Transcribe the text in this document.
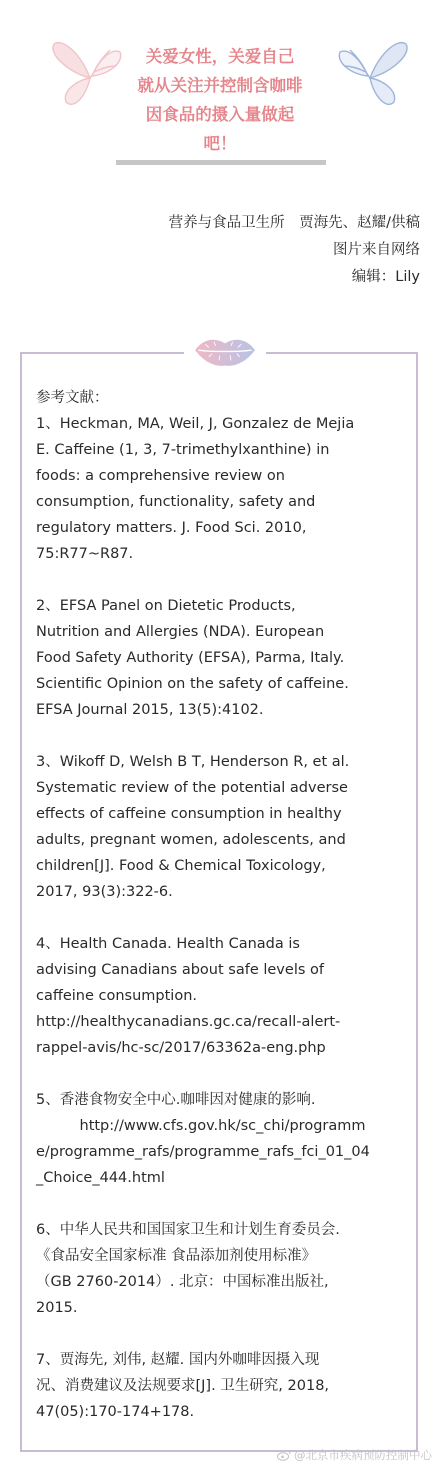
关爱女性，关爱自己
就从关注并控制含咖啡
因食品的摄入量做起
吧！
营养与食品卫生所　贾海先、赵耀/供稿
图片来自网络
编辑：Lily
参考文献：
1、Heckman, MA, Weil, J, Gonzalez de Mejia
E. Caffeine (1, 3, 7-trimethylxanthine) in
foods: a comprehensive review on
consumption, functionality, safety and
regulatory matters. J. Food Sci. 2010,
75:R77~R87.
2、EFSA Panel on Dietetic Products,
Nutrition and Allergies (NDA). European
Food Safety Authority (EFSA), Parma, Italy.
Scientific Opinion on the safety of caffeine.
EFSA Journal 2015, 13(5):4102.
3、Wikoff D, Welsh B T, Henderson R, et al.
Systematic review of the potential adverse
effects of caffeine consumption in healthy
adults, pregnant women, adolescents, and
children[J]. Food & Chemical Toxicology,
2017, 93(3):322-6.
4、Health Canada. Health Canada is
advising Canadians about safe levels of
caffeine consumption.
http://healthycanadians.gc.ca/recall-alert-
rappel-avis/hc-sc/2017/63362a-eng.php
5、香港食物安全中心.咖啡因对健康的影响.
　　　http://www.cfs.gov.hk/sc_chi/programm
e/programme_rafs/programme_rafs_fci_01_04
_Choice_444.html
6、中华人民共和国国家卫生和计划生育委员会.
《食品安全国家标准 食品添加剂使用标准》
（GB 2760-2014）. 北京：中国标准出版社,
2015.
7、贾海先, 刘伟, 赵耀. 国内外咖啡因摄入现
况、消费建议及法规要求[J]. 卫生研究, 2018,
47(05):170-174+178.
@北京市疾病预防控制中心
